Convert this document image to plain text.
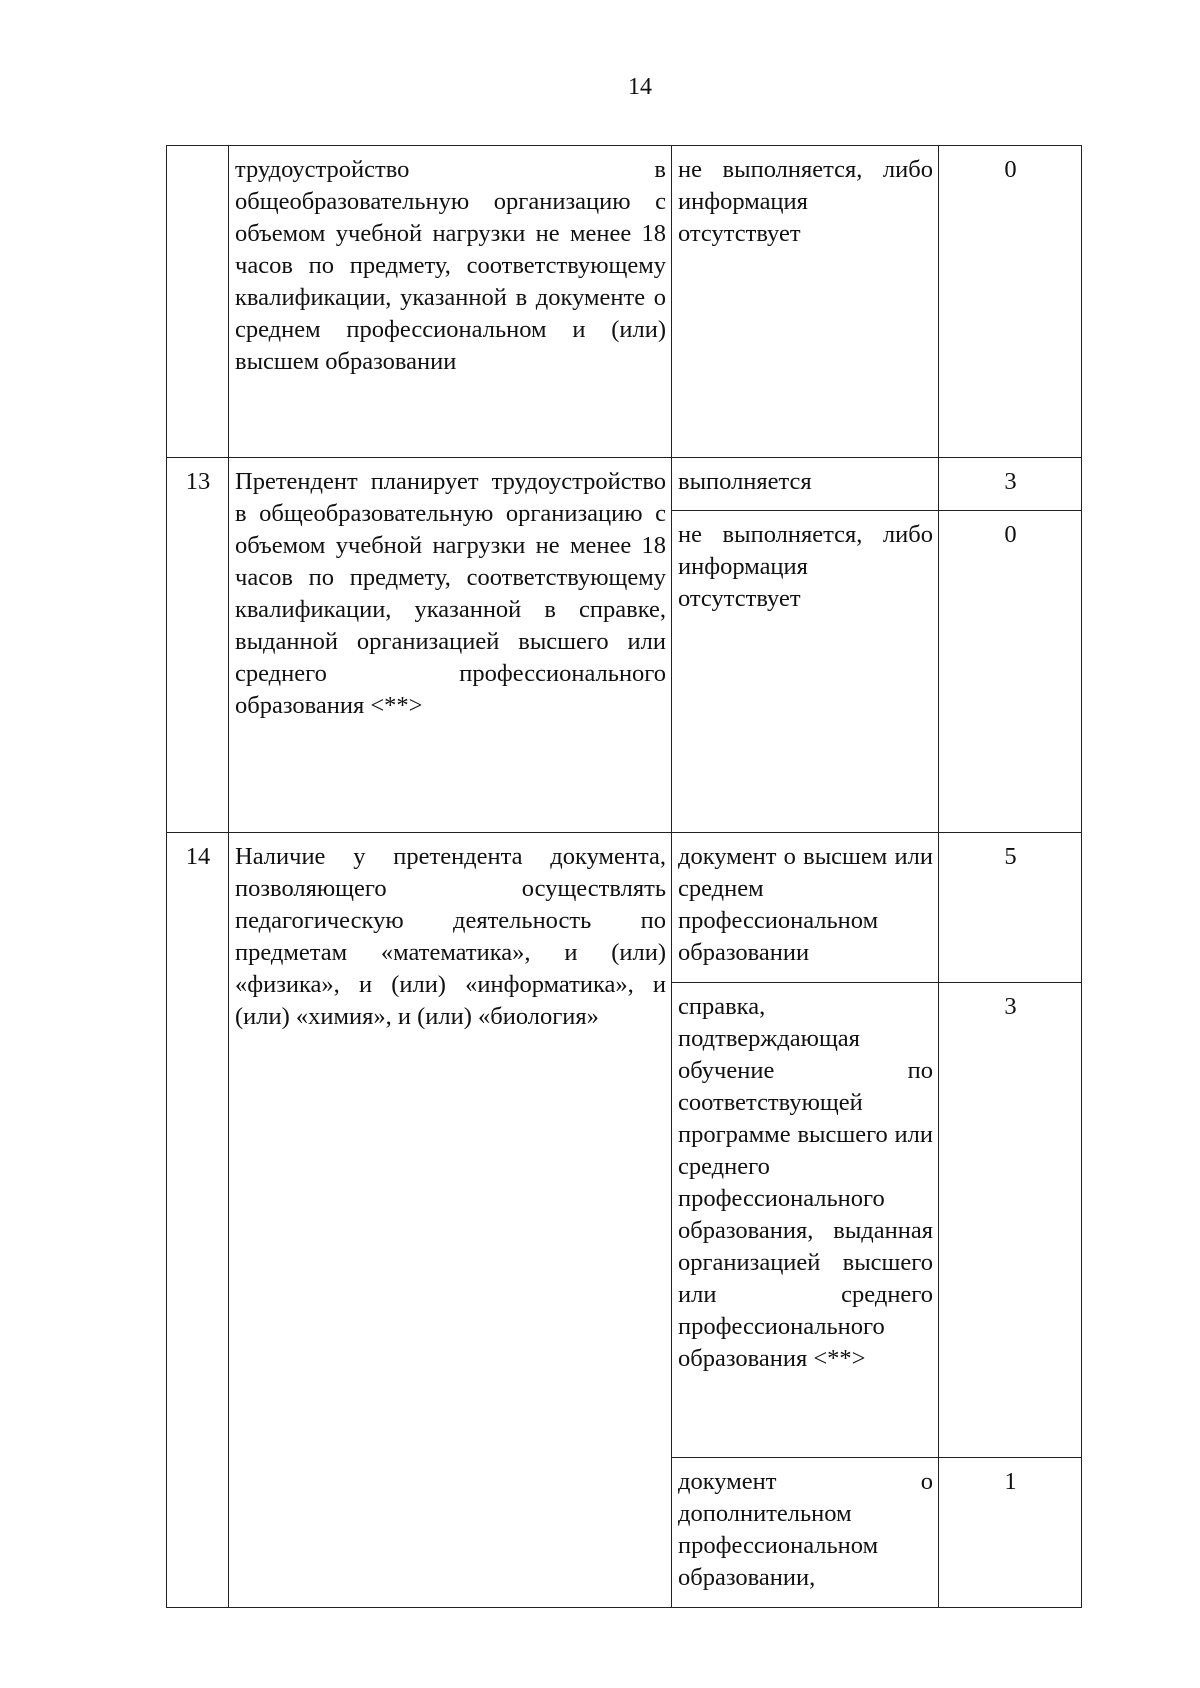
14
	трудоустройство в общеобразовательную организацию с объемом учебной нагрузки не менее 18 часов по предмету, соответствующему квалификации, указанной в документе о среднем профессиональном и (или) высшем образовании	не выполняется, либо информация отсутствует	0
13	Претендент планирует трудоустройство в общеобразовательную организацию с объемом учебной нагрузки не менее 18 часов по предмету, соответствующему квалификации, указанной в справке, выданной организацией высшего или среднего профессионального образования <**>	выполняется	3
		не выполняется, либо информация отсутствует	0
14	Наличие у претендента документа, позволяющего осуществлять педагогическую деятельность по предметам «математика», и (или) «физика», и (или) «информатика», и (или) «химия», и (или) «биология»	документ о высшем или среднем профессиональном образовании	5
		справка, подтверждающая обучение по соответствующей программе высшего или среднего профессионального образования, выданная организацией высшего или среднего профессионального образования <**>	3
		документ о дополнительном профессиональном образовании,	1
